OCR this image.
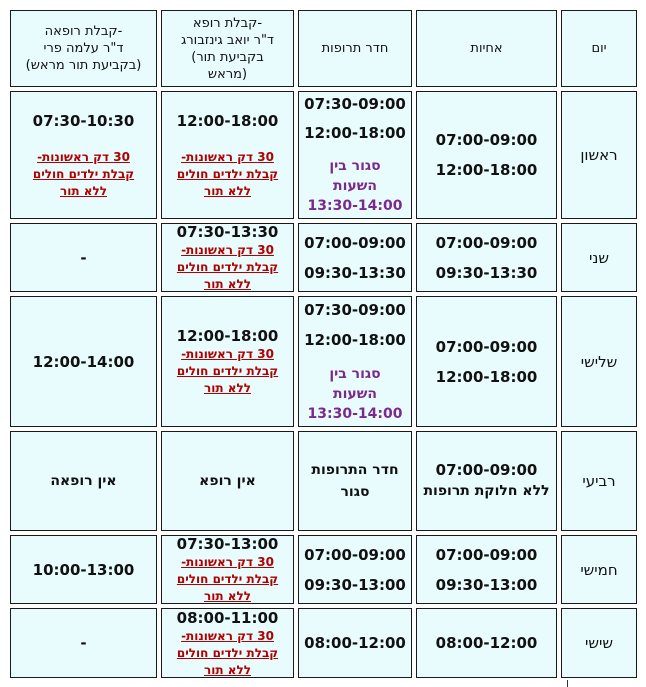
יום
אחיות
חדר תרופות
קבלת רופא-
ד"ר יואב גינזבורג
(בקביעת תור
מראש)
קבלת רופאה-
ד"ר עלמה פרי
(בקביעת תור מראש)
ראשון
07:00-09:00
12:00-18:00
07:30-09:00
12:00-18:00
סגור בין השעות
13:30-14:00
12:00-18:00
30 דק ראשונות-
קבלת ילדים חולים
ללא תור
07:30-10:30
30 דק ראשונות-
קבלת ילדים חולים
ללא תור
שני
07:00-09:00
09:30-13:30
07:00-09:00
09:30-13:30
07:30-13:30
30 דק ראשונות-
קבלת ילדים חולים
ללא תור
-
שלישי
07:00-09:00
12:00-18:00
07:30-09:00
12:00-18:00
סגור בין השעות
13:30-14:00
12:00-18:00
30 דק ראשונות-
קבלת ילדים חולים
ללא תור
12:00-14:00
רביעי
07:00-09:00
ללא חלוקת תרופות
חדר התרופות
סגור
אין רופא
אין רופאה
חמישי
07:00-09:00
09:30-13:00
07:00-09:00
09:30-13:00
07:30-13:00
30 דק ראשונות-
קבלת ילדים חולים
ללא תור
10:00-13:00
שישי
08:00-12:00
08:00-12:00
08:00-11:00
30 דק ראשונות-
קבלת ילדים חולים
ללא תור
-
